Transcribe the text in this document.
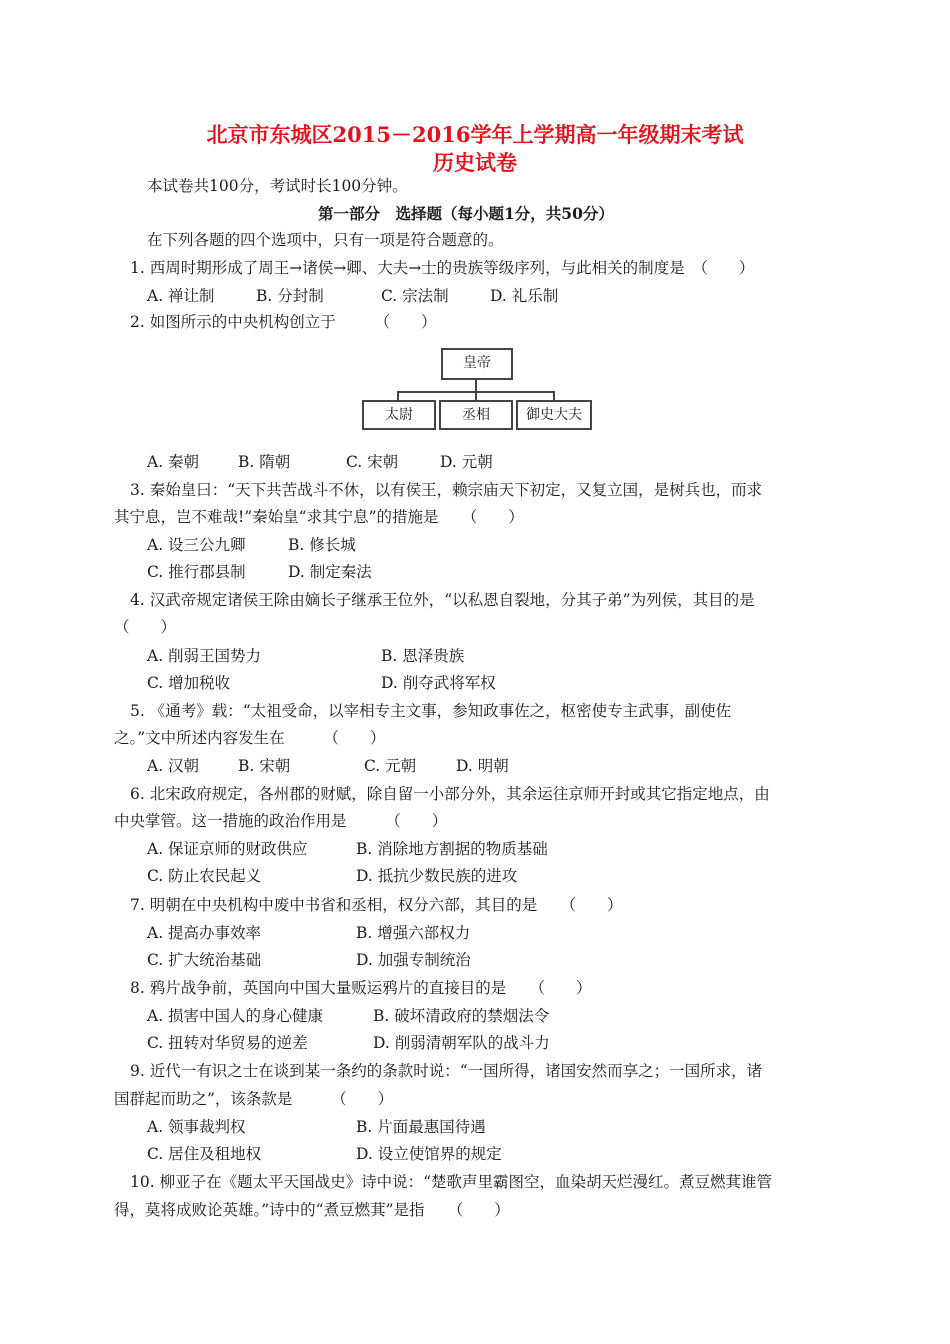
北京市东城区2015－2016学年上学期高一年级期末考试
历史试卷
本试卷共100分，考试时长100分钟。
第一部分　选择题（每小题1分，共50分）
在下列各题的四个选项中，只有一项是符合题意的。
1. 西周时期形成了周王→诸侯→卿、大夫→士的贵族等级序列，与此相关的制度是　（　　）
A. 禅让制	B. 分封制	C. 宗法制	D. 礼乐制
2. 如图所示的中央机构创立于　　　（　　）
皇帝
太尉	丞相	御史大夫
A. 秦朝	B. 隋朝	C. 宋朝	D. 元朝
3. 秦始皇曰：“天下共苦战斗不休，以有侯王，赖宗庙天下初定，又复立国，是树兵也，而求
其宁息，岂不难哉!”秦始皇“求其宁息”的措施是　　（　　）
A. 设三公九卿	B. 修长城
C. 推行郡县制	D. 制定秦法
4. 汉武帝规定诸侯王除由嫡长子继承王位外，“以私恩自裂地，分其子弟”为列侯，其目的是
（　　）
A. 削弱王国势力	B. 恩泽贵族
C. 增加税收	D. 削夺武将军权
5. 《通考》载：“太祖受命，以宰相专主文事，参知政事佐之，枢密使专主武事，副使佐
之。”文中所述内容发生在　　　（　　）
A. 汉朝	B. 宋朝	C. 元朝	D. 明朝
6. 北宋政府规定，各州郡的财赋，除自留一小部分外，其余运往京师开封或其它指定地点，由
中央掌管。这一措施的政治作用是　　　（　　）
A. 保证京师的财政供应	B. 消除地方割据的物质基础
C. 防止农民起义	D. 抵抗少数民族的进攻
7. 明朝在中央机构中废中书省和丞相，权分六部，其目的是　　（　　）
A. 提高办事效率	B. 增强六部权力
C. 扩大统治基础	D. 加强专制统治
8. 鸦片战争前，英国向中国大量贩运鸦片的直接目的是　　（　　）
A. 损害中国人的身心健康	B. 破坏清政府的禁烟法令
C. 扭转对华贸易的逆差	D. 削弱清朝军队的战斗力
9. 近代一有识之士在谈到某一条约的条款时说：“一国所得，诸国安然而享之；一国所求，诸
国群起而助之”，该条款是　　　（　　）
A. 领事裁判权	B. 片面最惠国待遇
C. 居住及租地权	D. 设立使馆界的规定
10. 柳亚子在《题太平天国战史》诗中说：“楚歌声里霸图空，血染胡天烂漫红。煮豆燃萁谁管
得，莫将成败论英雄。”诗中的“煮豆燃萁”是指　　（　　）
